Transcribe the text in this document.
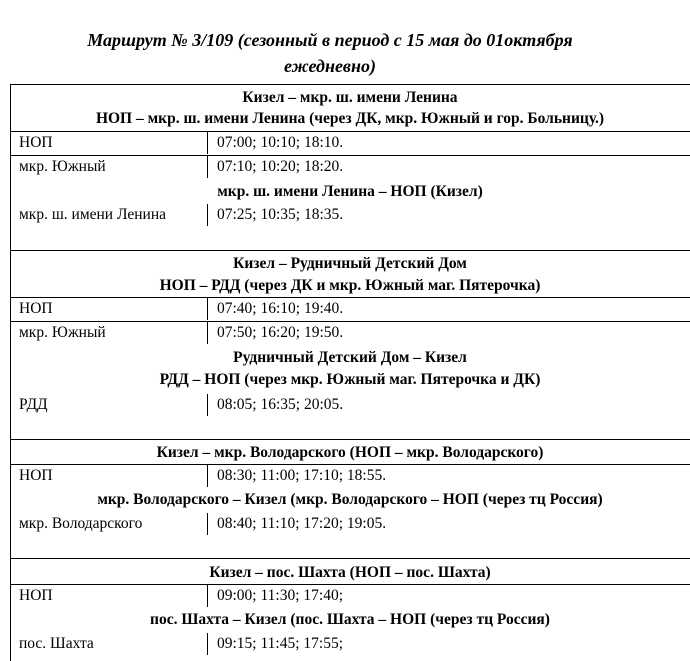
Маршрут № 3/109 (сезонный в период с 15 мая до 01октября
ежедневно)
Кизел – мкр. ш. имени Ленина
НОП – мкр. ш. имени Ленина (через ДК, мкр. Южный и гор. Больницу.)
НОП	07:00; 10:10; 18:10.
мкр. Южный	07:10; 10:20; 18:20.
мкр. ш. имени Ленина – НОП (Кизел)
мкр. ш. имени Ленина	07:25; 10:35; 18:35.
Кизел – Рудничный Детский Дом
НОП – РДД (через ДК и мкр. Южный маг. Пятерочка)
НОП	07:40; 16:10; 19:40.
мкр. Южный	07:50; 16:20; 19:50.
Рудничный Детский Дом – Кизел
РДД – НОП (через мкр. Южный маг. Пятерочка и ДК)
РДД	08:05; 16:35; 20:05.
Кизел – мкр. Володарского (НОП – мкр. Володарского)
НОП	08:30; 11:00; 17:10; 18:55.
мкр. Володарского – Кизел (мкр. Володарского – НОП (через тц Россия)
мкр. Володарского	08:40; 11:10; 17:20; 19:05.
Кизел – пос. Шахта (НОП – пос. Шахта)
НОП	09:00; 11:30; 17:40;
пос. Шахта – Кизел (пос. Шахта – НОП (через тц Россия)
пос. Шахта	09:15; 11:45; 17:55;
